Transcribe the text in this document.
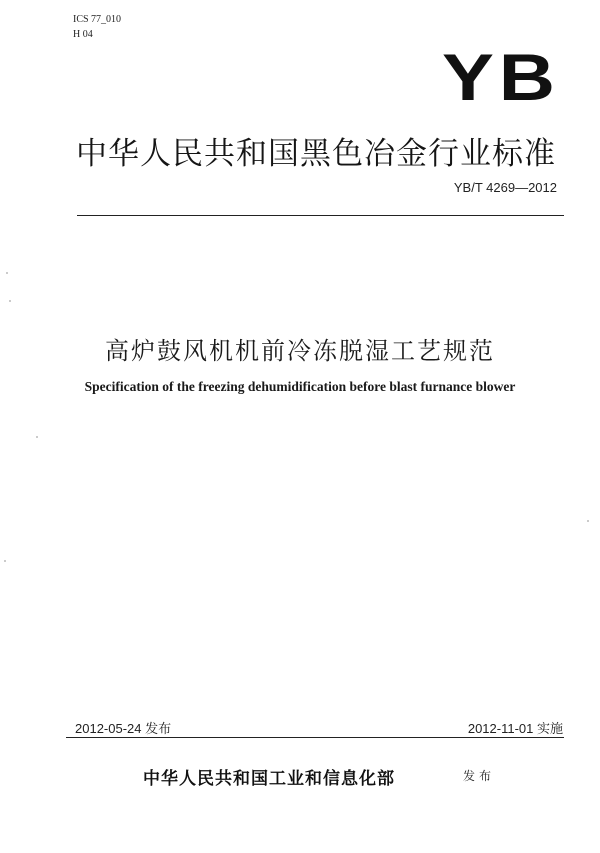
ICS 77_010
H 04
YB
中华人民共和国黑色冶金行业标准
YB/T 4269—2012
高炉鼓风机机前冷冻脱湿工艺规范
Specification of the freezing dehumidification before blast furnance blower
2012-05-24 发布	2012-11-01 实施
中华人民共和国工业和信息化部	发布
